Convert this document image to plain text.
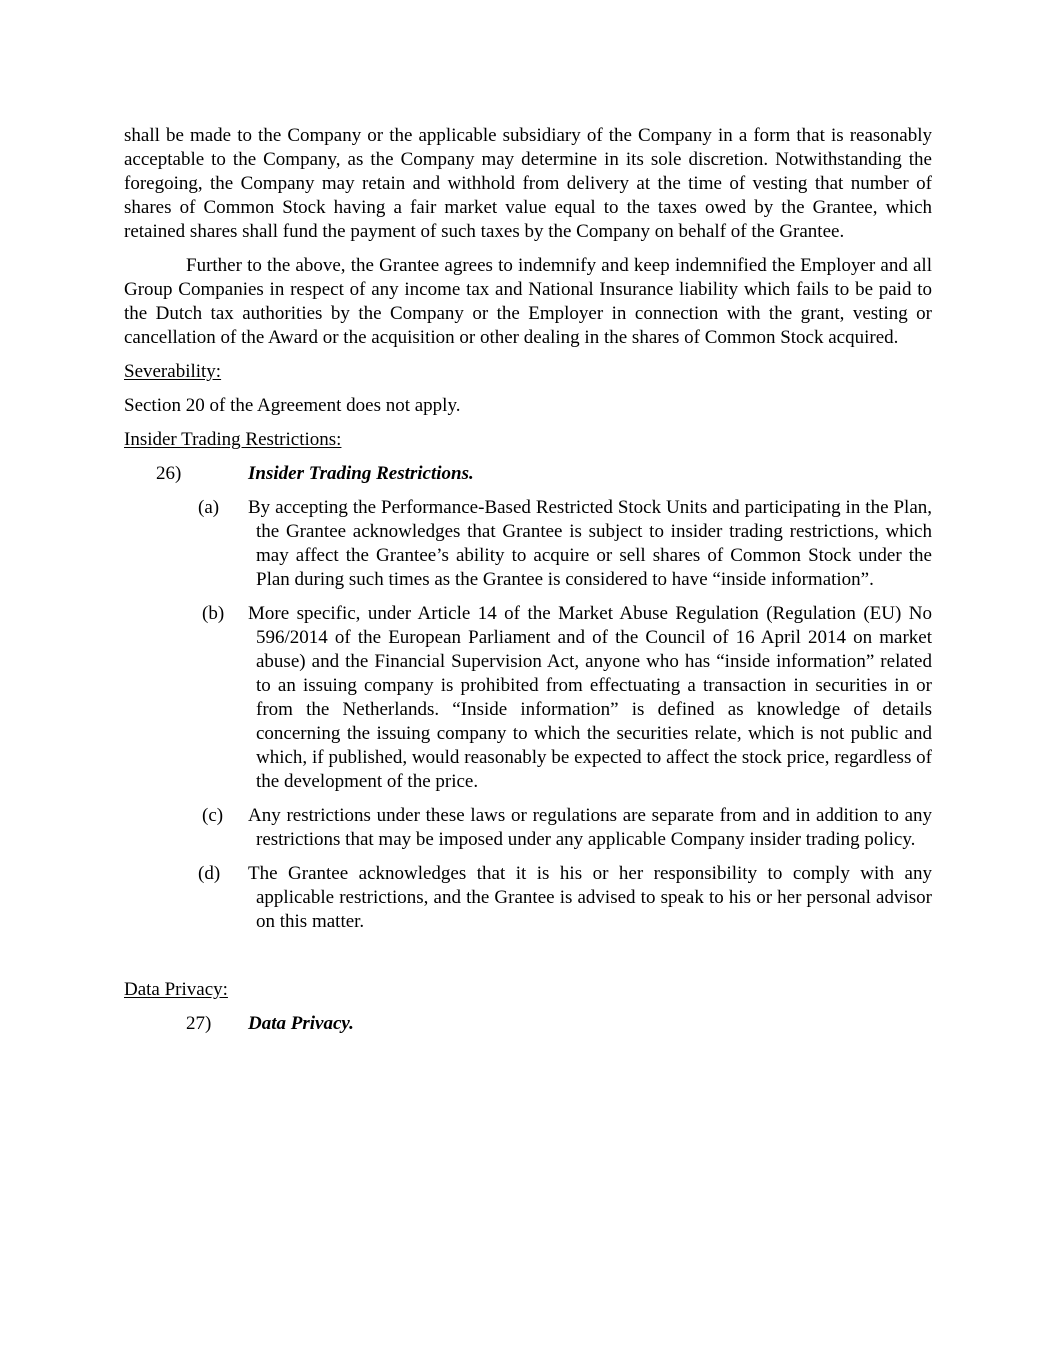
shall be made to the Company or the applicable subsidiary of the Company in a form that is reasonably acceptable to the Company, as the Company may determine in its sole discretion. Notwithstanding the foregoing, the Company may retain and withhold from delivery at the time of vesting that number of shares of Common Stock having a fair market value equal to the taxes owed by the Grantee, which retained shares shall fund the payment of such taxes by the Company on behalf of the Grantee.

Further to the above, the Grantee agrees to indemnify and keep indemnified the Employer and all Group Companies in respect of any income tax and National Insurance liability which fails to be paid to the Dutch tax authorities by the Company or the Employer in connection with the grant, vesting or cancellation of the Award or the acquisition or other dealing in the shares of Common Stock acquired.

Severability:

Section 20 of the Agreement does not apply.

Insider Trading Restrictions:

26)	Insider Trading Restrictions.
(a) By accepting the Performance-Based Restricted Stock Units and participating in the Plan, the Grantee acknowledges that Grantee is subject to insider trading restrictions, which may affect the Grantee’s ability to acquire or sell shares of Common Stock under the Plan during such times as the Grantee is considered to have “inside information”.

(b) More specific, under Article 14 of the Market Abuse Regulation (Regulation (EU) No 596/2014 of the European Parliament and of the Council of 16 April 2014 on market abuse) and the Financial Supervision Act, anyone who has “inside information” related to an issuing company is prohibited from effectuating a transaction in securities in or from the Netherlands. “Inside information” is defined as knowledge of details concerning the issuing company to which the securities relate, which is not public and which, if published, would reasonably be expected to affect the stock price, regardless of the development of the price.

(c) Any restrictions under these laws or regulations are separate from and in addition to any restrictions that may be imposed under any applicable Company insider trading policy.

(d) The Grantee acknowledges that it is his or her responsibility to comply with any applicable restrictions, and the Grantee is advised to speak to his or her personal advisor on this matter.

Data Privacy:

27) Data Privacy.
